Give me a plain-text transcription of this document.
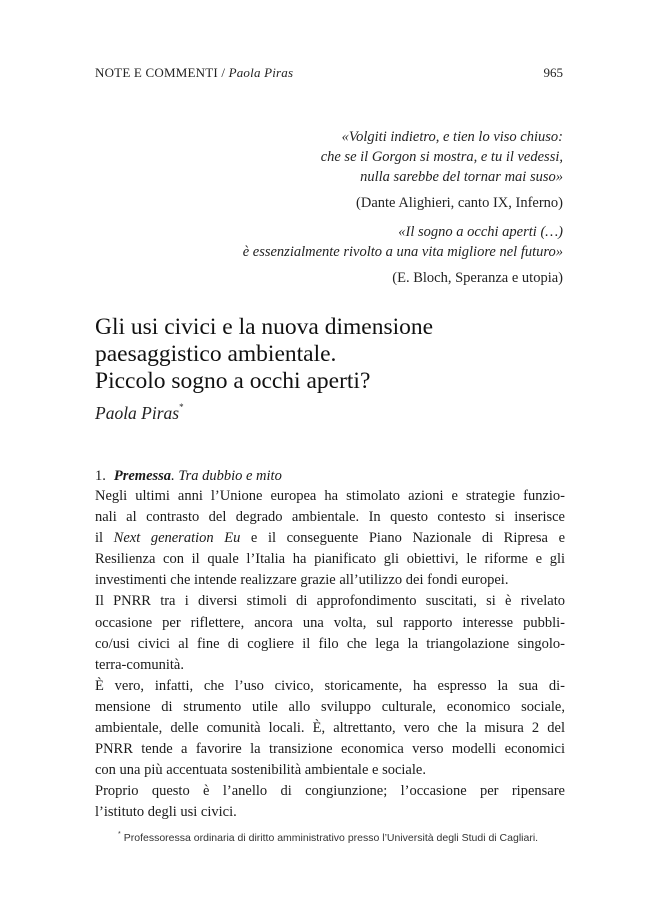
NOTE E COMMENTI / Paola Piras	965
«Volgiti indietro, e tien lo viso chiuso:
che se il Gorgon si mostra, e tu il vedessi,
nulla sarebbe del tornar mai suso»
(Dante Alighieri, canto IX, Inferno)
«Il sogno a occhi aperti (…)
è essenzialmente rivolto a una vita migliore nel futuro»
(E. Bloch, Speranza e utopia)
Gli usi civici e la nuova dimensione
paesaggistico ambientale.
Piccolo sogno a occhi aperti?
Paola Piras*
1. Premessa. Tra dubbio e mito
Negli ultimi anni l’Unione europea ha stimolato azioni e strategie funzio-
nali al contrasto del degrado ambientale. In questo contesto si inserisce
il Next generation Eu e il conseguente Piano Nazionale di Ripresa e
Resilienza con il quale l’Italia ha pianificato gli obiettivi, le riforme e gli
investimenti che intende realizzare grazie all’utilizzo dei fondi europei.
Il PNRR tra i diversi stimoli di approfondimento suscitati, si è rivelato
occasione per riflettere, ancora una volta, sul rapporto interesse pubbli-
co/usi civici al fine di cogliere il filo che lega la triangolazione singolo-
terra-comunità.
È vero, infatti, che l’uso civico, storicamente, ha espresso la sua di-
mensione di strumento utile allo sviluppo culturale, economico sociale,
ambientale, delle comunità locali. È, altrettanto, vero che la misura 2 del
PNRR tende a favorire la transizione economica verso modelli economici
con una più accentuata sostenibilità ambientale e sociale.
Proprio questo è l’anello di congiunzione; l’occasione per ripensare
l’istituto degli usi civici.
* Professoressa ordinaria di diritto amministrativo presso l’Università degli Studi di Cagliari.
